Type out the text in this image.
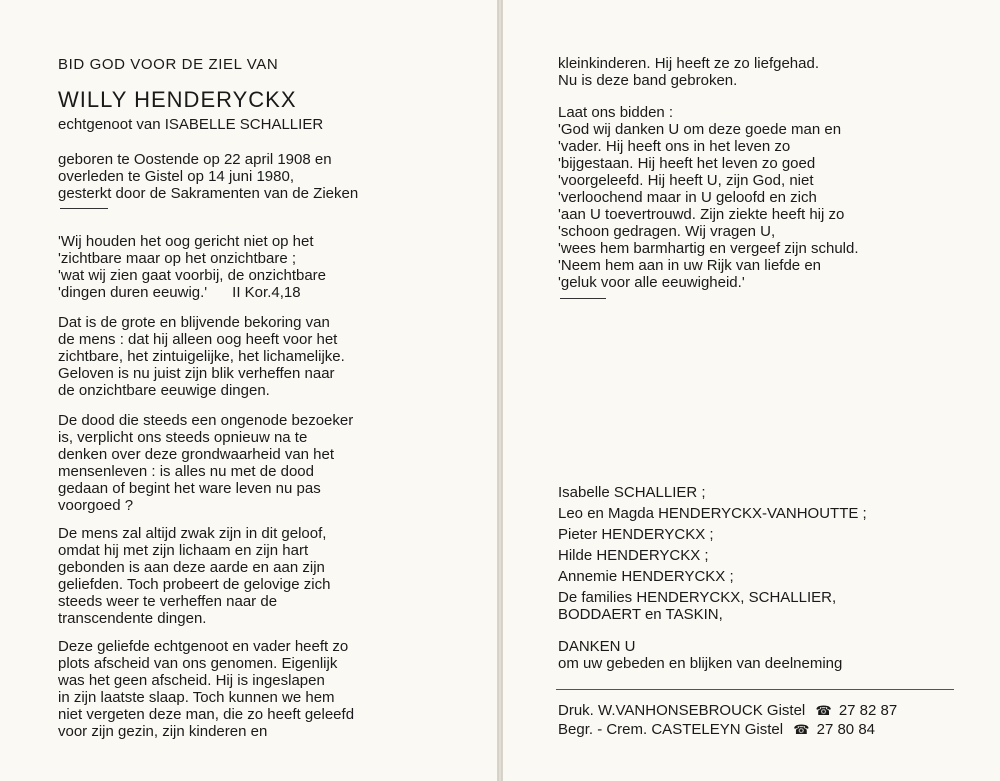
BID GOD VOOR DE ZIEL VAN
WILLY HENDERYCKX
echtgenoot van ISABELLE SCHALLIER
geboren te Oostende op 22 april 1908 en
overleden te Gistel op 14 juni 1980,
gesterkt door de Sakramenten van de Zieken
'Wij houden het oog gericht niet op het
'zichtbare maar op het onzichtbare ;
'wat wij zien gaat voorbij, de onzichtbare
'dingen duren eeuwig.'      II Kor.4,18
Dat is de grote en blijvende bekoring van
de mens : dat hij alleen oog heeft voor het
zichtbare, het zintuigelijke, het lichamelijke.
Geloven is nu juist zijn blik verheffen naar
de onzichtbare eeuwige dingen.
De dood die steeds een ongenode bezoeker
is, verplicht ons steeds opnieuw na te
denken over deze grondwaarheid van het
mensenleven : is alles nu met de dood
gedaan of begint het ware leven nu pas
voorgoed ?
De mens zal altijd zwak zijn in dit geloof,
omdat hij met zijn lichaam en zijn hart
gebonden is aan deze aarde en aan zijn
geliefden. Toch probeert de gelovige zich
steeds weer te verheffen naar de
transcendente dingen.
Deze geliefde echtgenoot en vader heeft zo
plots afscheid van ons genomen. Eigenlijk
was het geen afscheid. Hij is ingeslapen
in zijn laatste slaap. Toch kunnen we hem
niet vergeten deze man, die zo heeft geleefd
voor zijn gezin, zijn kinderen en
kleinkinderen. Hij heeft ze zo liefgehad.
Nu is deze band gebroken.
Laat ons bidden :
'God wij danken U om deze goede man en
'vader. Hij heeft ons in het leven zo
'bijgestaan. Hij heeft het leven zo goed
'voorgeleefd. Hij heeft U, zijn God, niet
'verloochend maar in U geloofd en zich
'aan U toevertrouwd. Zijn ziekte heeft hij zo
'schoon gedragen. Wij vragen U,
'wees hem barmhartig en vergeef zijn schuld.
'Neem hem aan in uw Rijk van liefde en
'geluk voor alle eeuwigheid.'
Isabelle SCHALLIER ;
Leo en Magda HENDERYCKX-VANHOUTTE ;
Pieter HENDERYCKX ;
Hilde HENDERYCKX ;
Annemie HENDERYCKX ;
De families HENDERYCKX, SCHALLIER,
BODDAERT en TASKIN,
DANKEN U
om uw gebeden en blijken van deelneming
Druk. W.VANHONSEBROUCK Gistel ☎ 27 82 87
Begr. - Crem. CASTELEYN Gistel ☎ 27 80 84
